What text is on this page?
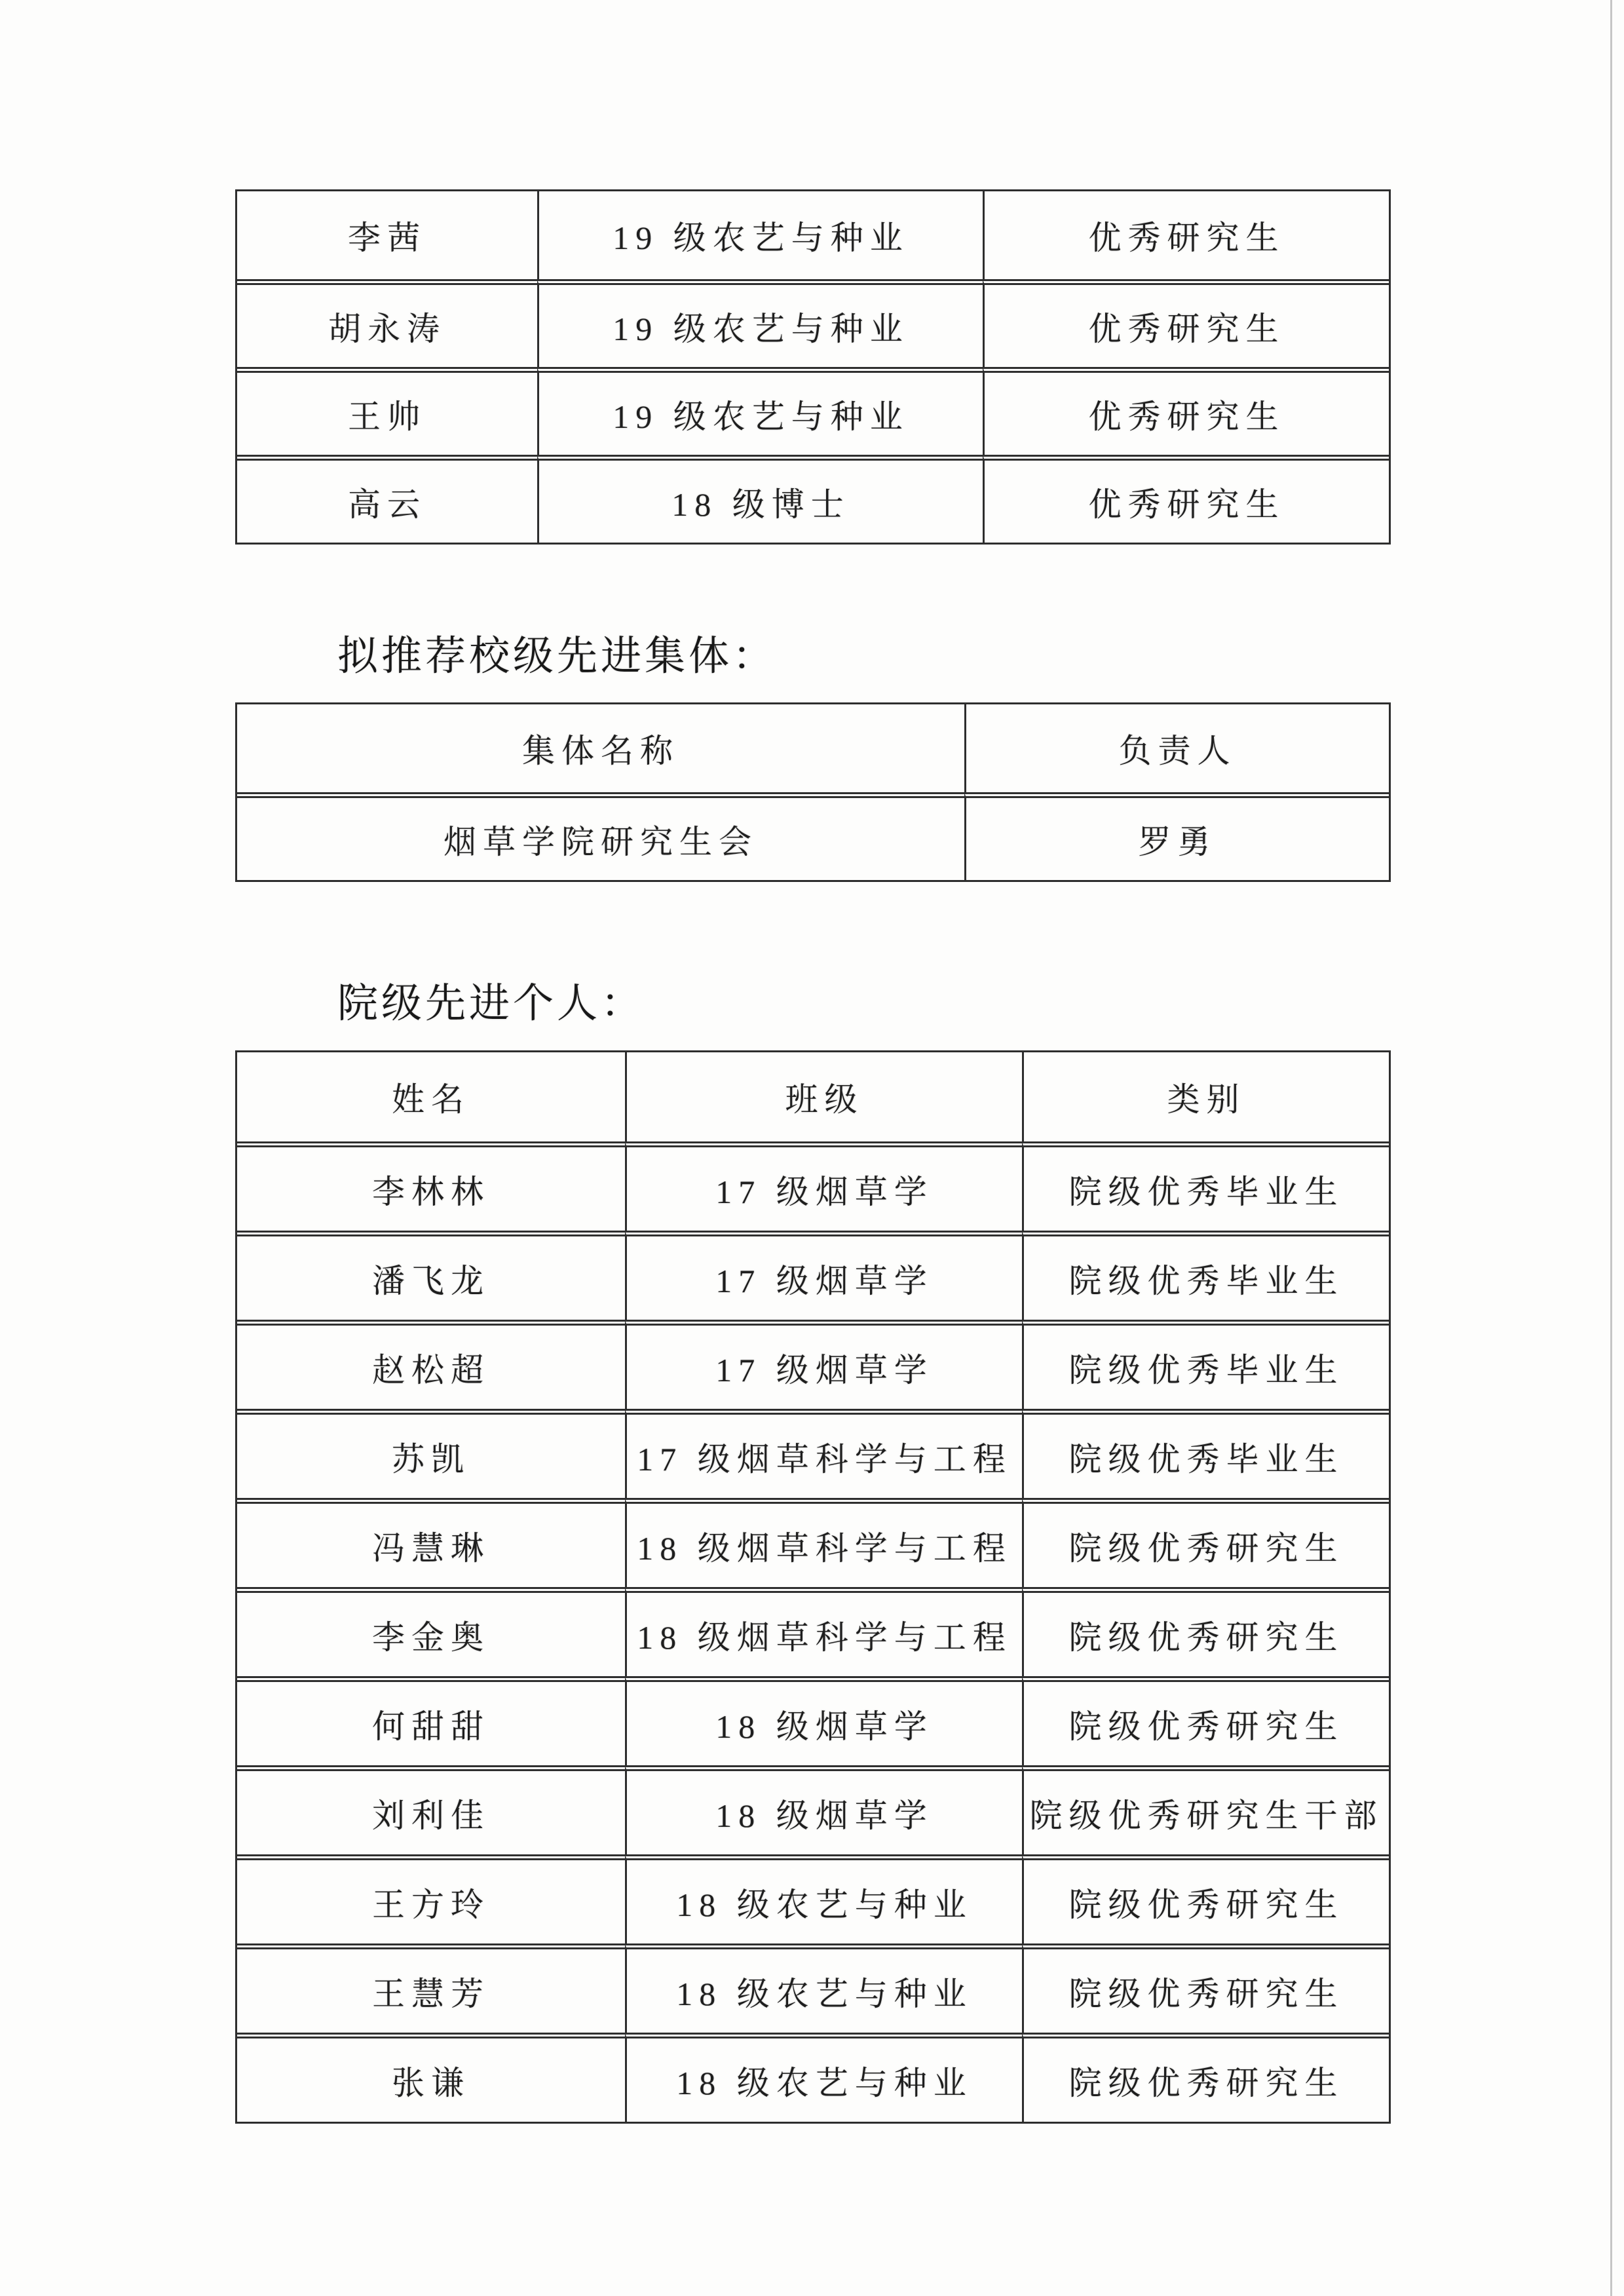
李茜	19 级农艺与种业	优秀研究生
胡永涛	19 级农艺与种业	优秀研究生
王帅	19 级农艺与种业	优秀研究生
高云	18 级博士	优秀研究生
拟推荐校级先进集体：
集体名称	负责人
烟草学院研究生会	罗勇
院级先进个人：
姓名	班级	类别
李林林	17 级烟草学	院级优秀毕业生
潘飞龙	17 级烟草学	院级优秀毕业生
赵松超	17 级烟草学	院级优秀毕业生
苏凯	17 级烟草科学与工程	院级优秀毕业生
冯慧琳	18 级烟草科学与工程	院级优秀研究生
李金奥	18 级烟草科学与工程	院级优秀研究生
何甜甜	18 级烟草学	院级优秀研究生
刘利佳	18 级烟草学	院级优秀研究生干部
王方玲	18 级农艺与种业	院级优秀研究生
王慧芳	18 级农艺与种业	院级优秀研究生
张谦	18 级农艺与种业	院级优秀研究生
